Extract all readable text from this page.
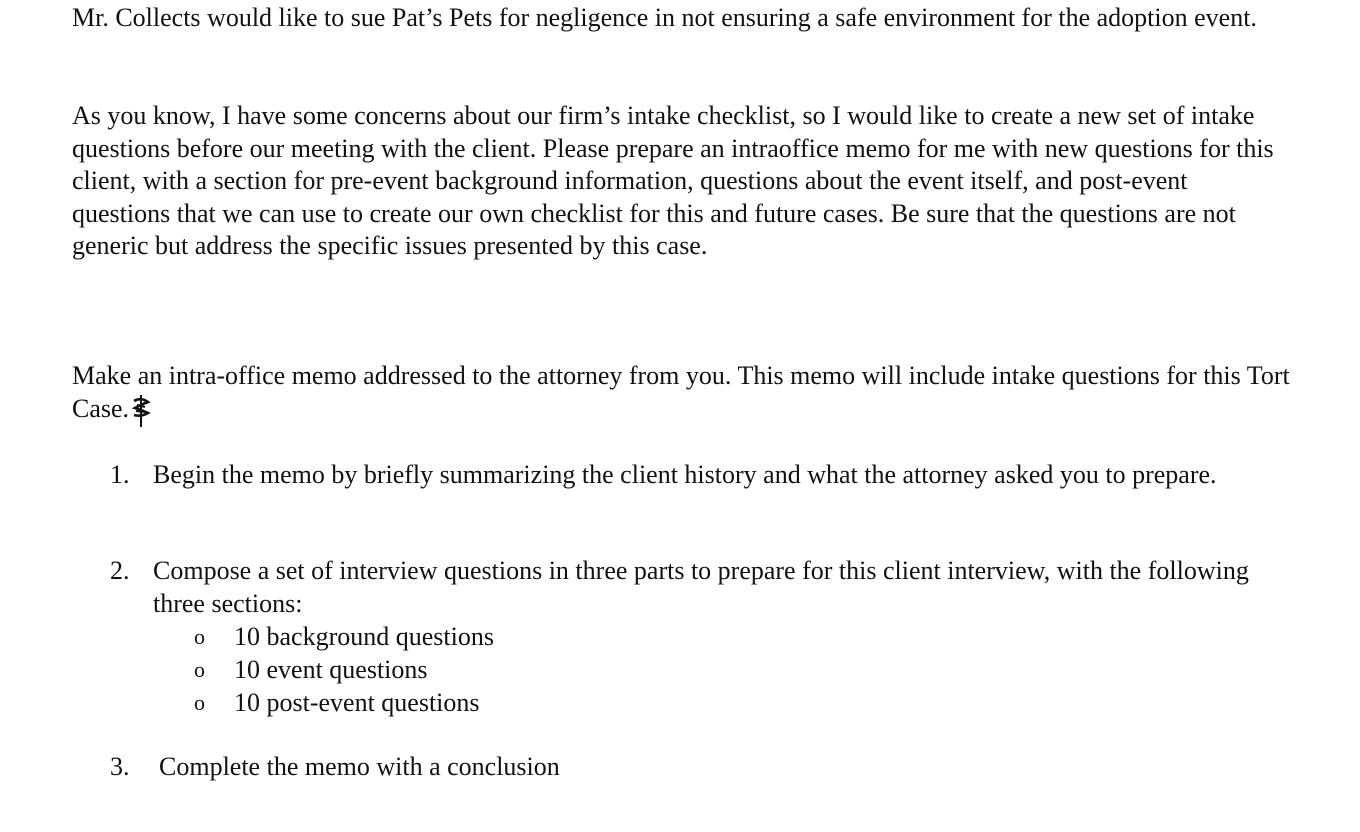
Mr. Collects would like to sue Pat’s Pets for negligence in not ensuring a safe environment for the adoption event.

As you know, I have some concerns about our firm’s intake checklist, so I would like to create a new set of intake questions before our meeting with the client. Please prepare an intraoffice memo for me with new questions for this client, with a section for pre-event background information, questions about the event itself, and post-event questions that we can use to create our own checklist for this and future cases. Be sure that the questions are not generic but address the specific issues presented by this case.

Make an intra-office memo addressed to the attorney from you. This memo will include intake questions for this Tort Case.

1. Begin the memo by briefly summarizing the client history and what the attorney asked you to prepare.
2. Compose a set of interview questions in three parts to prepare for this client interview, with the following three sections:
o	10 background questions
o	10 event questions
o	10 post-event questions
3.	Complete the memo with a conclusion
